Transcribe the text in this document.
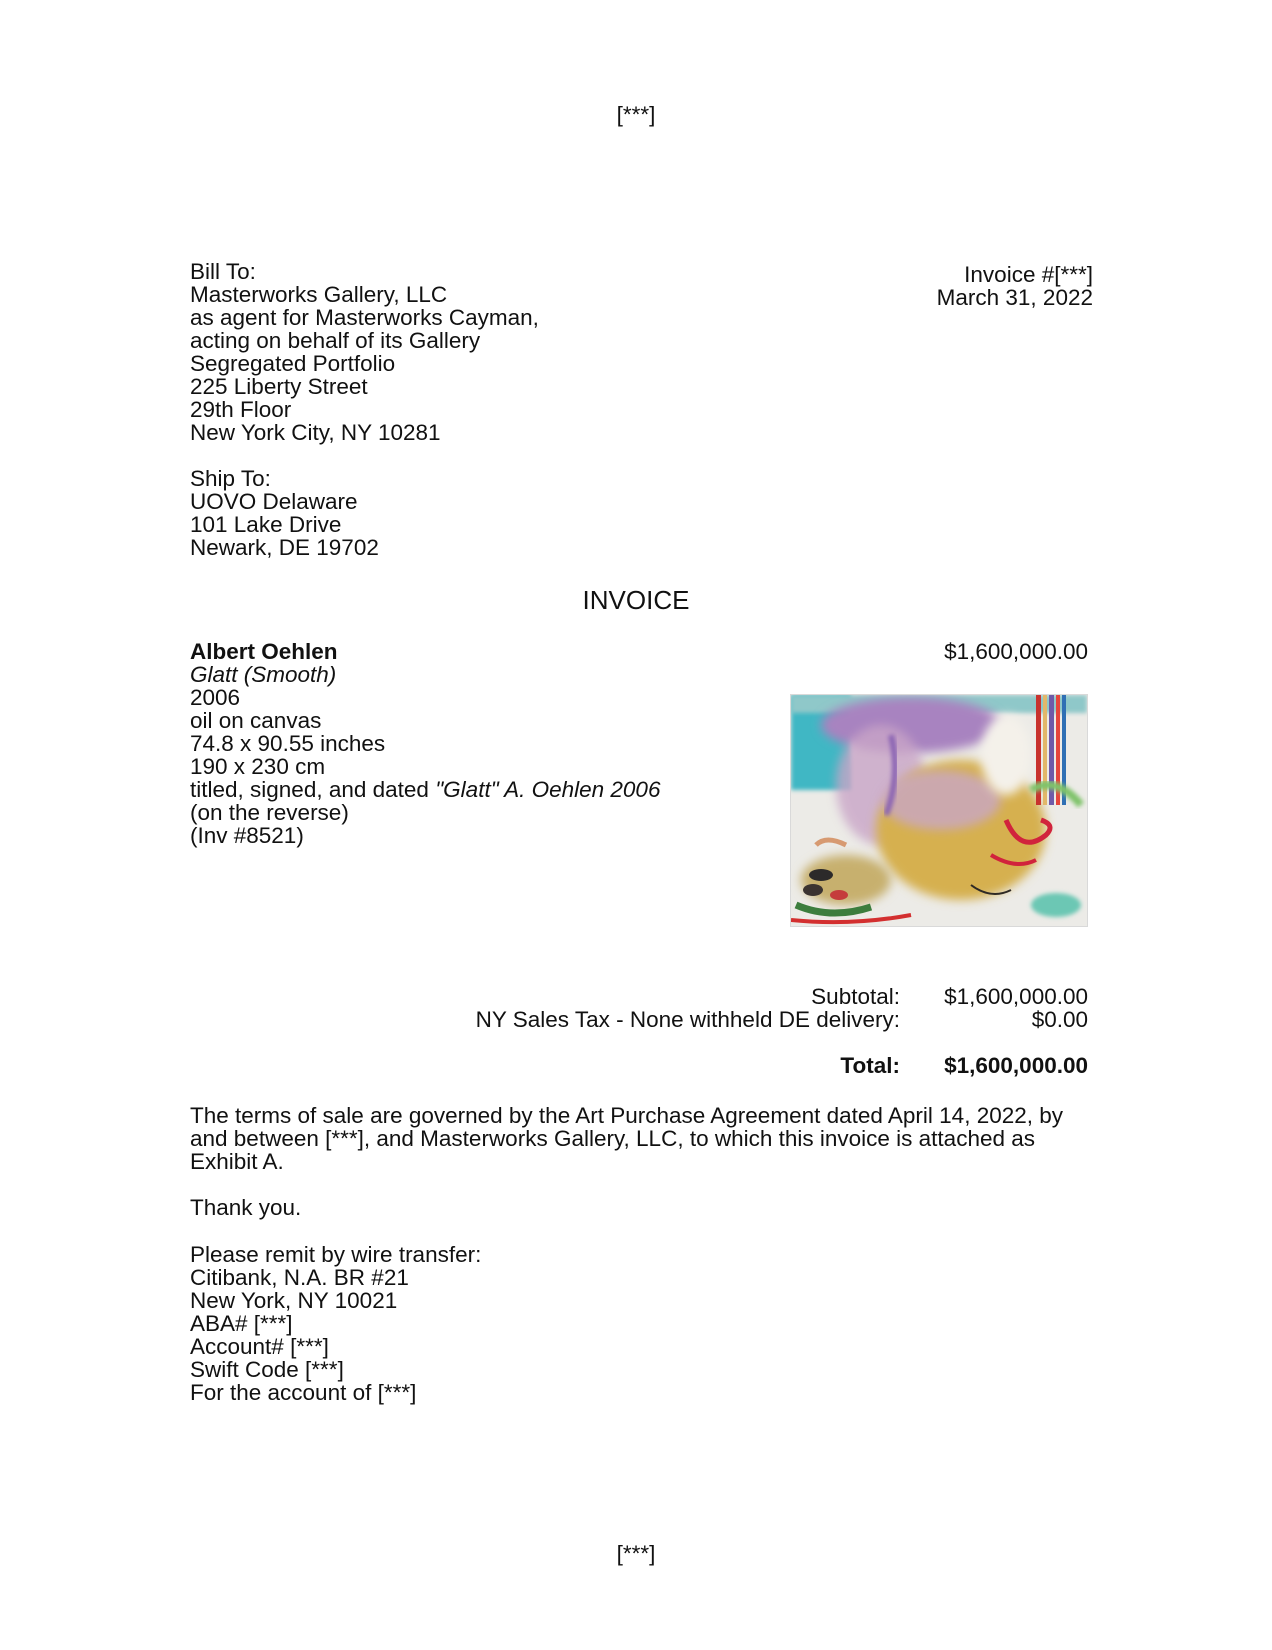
[***]
Bill To:
Masterworks Gallery, LLC
as agent for Masterworks Cayman,
acting on behalf of its Gallery
Segregated Portfolio
225 Liberty Street
29th Floor
New York City, NY 10281
Invoice #[***]
March 31, 2022
Ship To:
UOVO Delaware
101 Lake Drive
Newark, DE 19702
INVOICE
Albert Oehlen
Glatt (Smooth)
2006
oil on canvas
74.8 x 90.55 inches
190 x 230 cm
titled, signed, and dated "Glatt" A. Oehlen 2006
(on the reverse)
(Inv #8521)
$1,600,000.00
Subtotal:
NY Sales Tax - None withheld DE delivery:
$1,600,000.00
$0.00
Total: $1,600,000.00
The terms of sale are governed by the Art Purchase Agreement dated April 14, 2022, by
and between [***], and Masterworks Gallery, LLC, to which this invoice is attached as
Exhibit A.
Thank you.
Please remit by wire transfer:
Citibank, N.A. BR #21
New York, NY 10021
ABA# [***]
Account# [***]
Swift Code [***]
For the account of [***]
[***]
